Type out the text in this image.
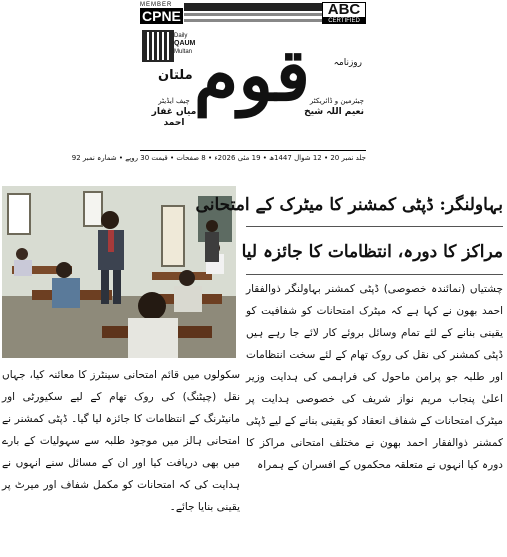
MEMBER
CPNE	ABC
CERTIFIED
Daily
QAUM
Multan قوم	روزنامہ
ملتان
چیئرمین و ڈائریکٹر
نعیم اللہ شیخ
چیف ایڈیٹر
میاں غفار احمد
جلد نمبر 20 • 12 شوال 1447ھ • 19 مئی 2026ء • 8 صفحات • قیمت 30 روپے • شمارہ نمبر 92
بہاولنگر: ڈپٹی کمشنر کا میٹرک کے امتحانی
مراکز کا دورہ، انتظامات کا جائزہ لیا

چشتیاں (نمائندہ خصوصی) ڈپٹی کمشنر بہاولنگر ذوالفقار احمد بھون نے کہا ہے کہ میٹرک امتحانات کو شفافیت کو یقینی بنانے کے لئے تمام وسائل بروئے کار لائے جا رہے ہیں ڈپٹی کمشنر کی نقل کی روک تھام کے لئے سخت انتظامات اور طلبہ جو پرامن ماحول کی فراہمی کی ہدایت وزیر اعلیٰ پنجاب مریم نواز شریف کی خصوصی ہدایت پر میٹرک امتحانات کے شفاف انعقاد کو یقینی بنانے کے لیے ڈپٹی کمشنر ذوالفقار احمد بھون نے مختلف امتحانی مراکز کا دورہ کیا انہوں نے متعلقہ محکموں کے افسران کے ہمراہ

سکولوں میں قائم امتحانی سینٹرز کا معائنہ کیا، جہاں نقل (چیٹنگ) کی روک تھام کے لیے سکیورٹی اور مانیٹرنگ کے انتظامات کا جائزہ لیا گیا۔ ڈپٹی کمشنر نے امتحانی ہالز میں موجود طلبہ سے سہولیات کے بارے میں بھی دریافت کیا اور ان کے مسائل سنے انہوں نے ہدایت کی کہ امتحانات کو مکمل شفاف اور میرٹ پر یقینی بنایا جائے۔
